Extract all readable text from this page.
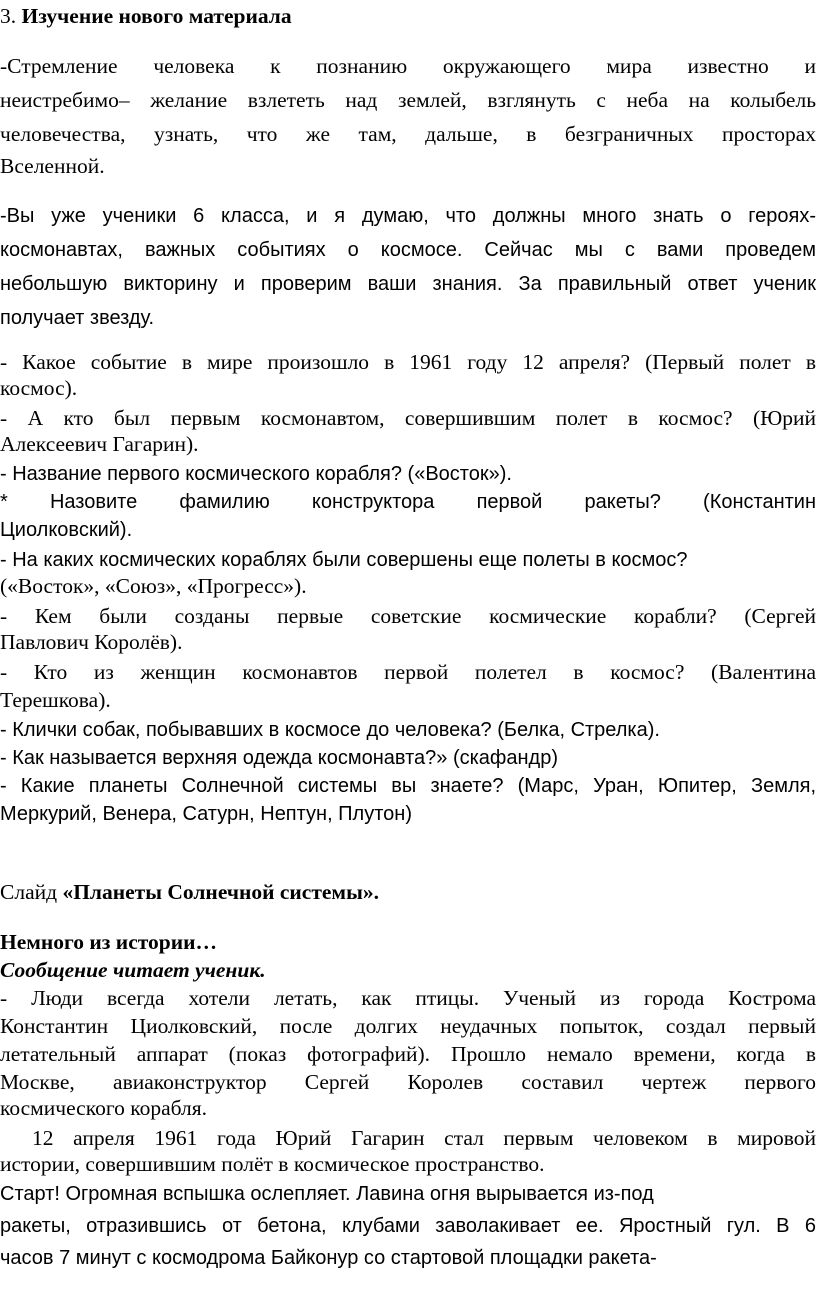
3. Изучение нового материала
-Стремление человека к познанию окружающего мира известно и
неистребимо– желание взлететь над землей, взглянуть с неба на колыбель
человечества, узнать, что же там, дальше, в безграничных просторах
Вселенной.
-Вы уже ученики 6 класса, и я думаю, что должны много знать о героях-
космонавтах, важных событиях о космосе. Сейчас мы с вами проведем
небольшую викторину и проверим ваши знания. За правильный ответ ученик
получает звезду.
- Какое событие в мире произошло в 1961 году 12 апреля? (Первый полет в
космос).
- А кто был первым космонавтом, совершившим полет в космос? (Юрий
Алексеевич Гагарин).
- Название первого космического корабля? («Восток»).
* Назовите фамилию конструктора первой ракеты? (Константин
Циолковский).
- На каких космических кораблях были совершены еще полеты в космос?
(«Восток», «Союз», «Прогресс»).
- Кем были созданы первые советские космические корабли? (Сергей
Павлович Королёв).
- Кто из женщин космонавтов первой полетел в космос? (Валентина
Терешкова).
- Клички собак, побывавших в космосе до человека? (Белка, Стрелка).
- Как называется верхняя одежда космонавта?» (скафандр)
- Какие планеты Солнечной системы вы знаете? (Марс, Уран, Юпитер, Земля,
Меркурий, Венера, Сатурн, Нептун, Плутон)
Слайд «Планеты Солнечной системы».
Немного из истории…
Сообщение читает ученик.
- Люди всегда хотели летать, как птицы. Ученый из города Кострома
Константин Циолковский, после долгих неудачных попыток, создал первый
летательный аппарат (показ фотографий). Прошло немало времени, когда в
Москве, авиаконструктор Сергей Королев составил чертеж первого
космического корабля.
12 апреля 1961 года Юрий Гагарин стал первым человеком в мировой
истории, совершившим полёт в космическое пространство.
Старт! Огромная вспышка ослепляет. Лавина огня вырывается из-под
ракеты, отразившись от бетона, клубами заволакивает ее. Яростный гул. В 6
часов 7 минут с космодрома Байконур со стартовой площадки ракета-
